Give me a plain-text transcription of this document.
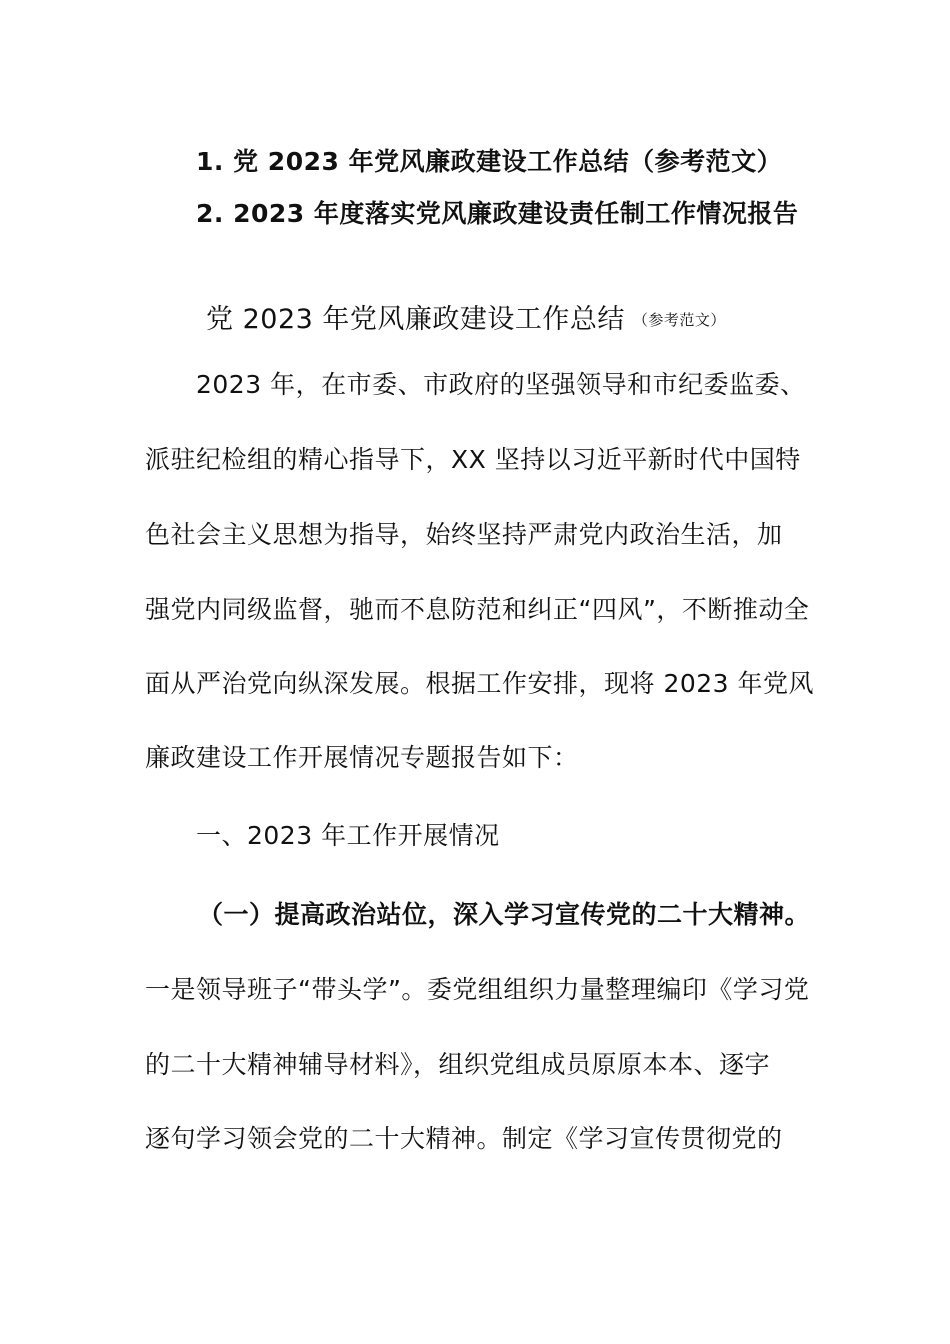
1. 党 2023 年党风廉政建设工作总结（参考范文）
2. 2023 年度落实党风廉政建设责任制工作情况报告
党 2023 年党风廉政建设工作总结 （参考范文）
2023 年，在市委、市政府的坚强领导和市纪委监委、
派驻纪检组的精心指导下，XX 坚持以习近平新时代中国特
色社会主义思想为指导，始终坚持严肃党内政治生活，加
强党内同级监督，驰而不息防范和纠正“四风”，不断推动全
面从严治党向纵深发展。根据工作安排，现将 2023 年党风
廉政建设工作开展情况专题报告如下：
一、2023 年工作开展情况
（一）提高政治站位，深入学习宣传党的二十大精神。
一是领导班子“带头学”。委党组组织力量整理编印《学习党
的二十大精神辅导材料》，组织党组成员原原本本、逐字
逐句学习领会党的二十大精神。制定《学习宣传贯彻党的
